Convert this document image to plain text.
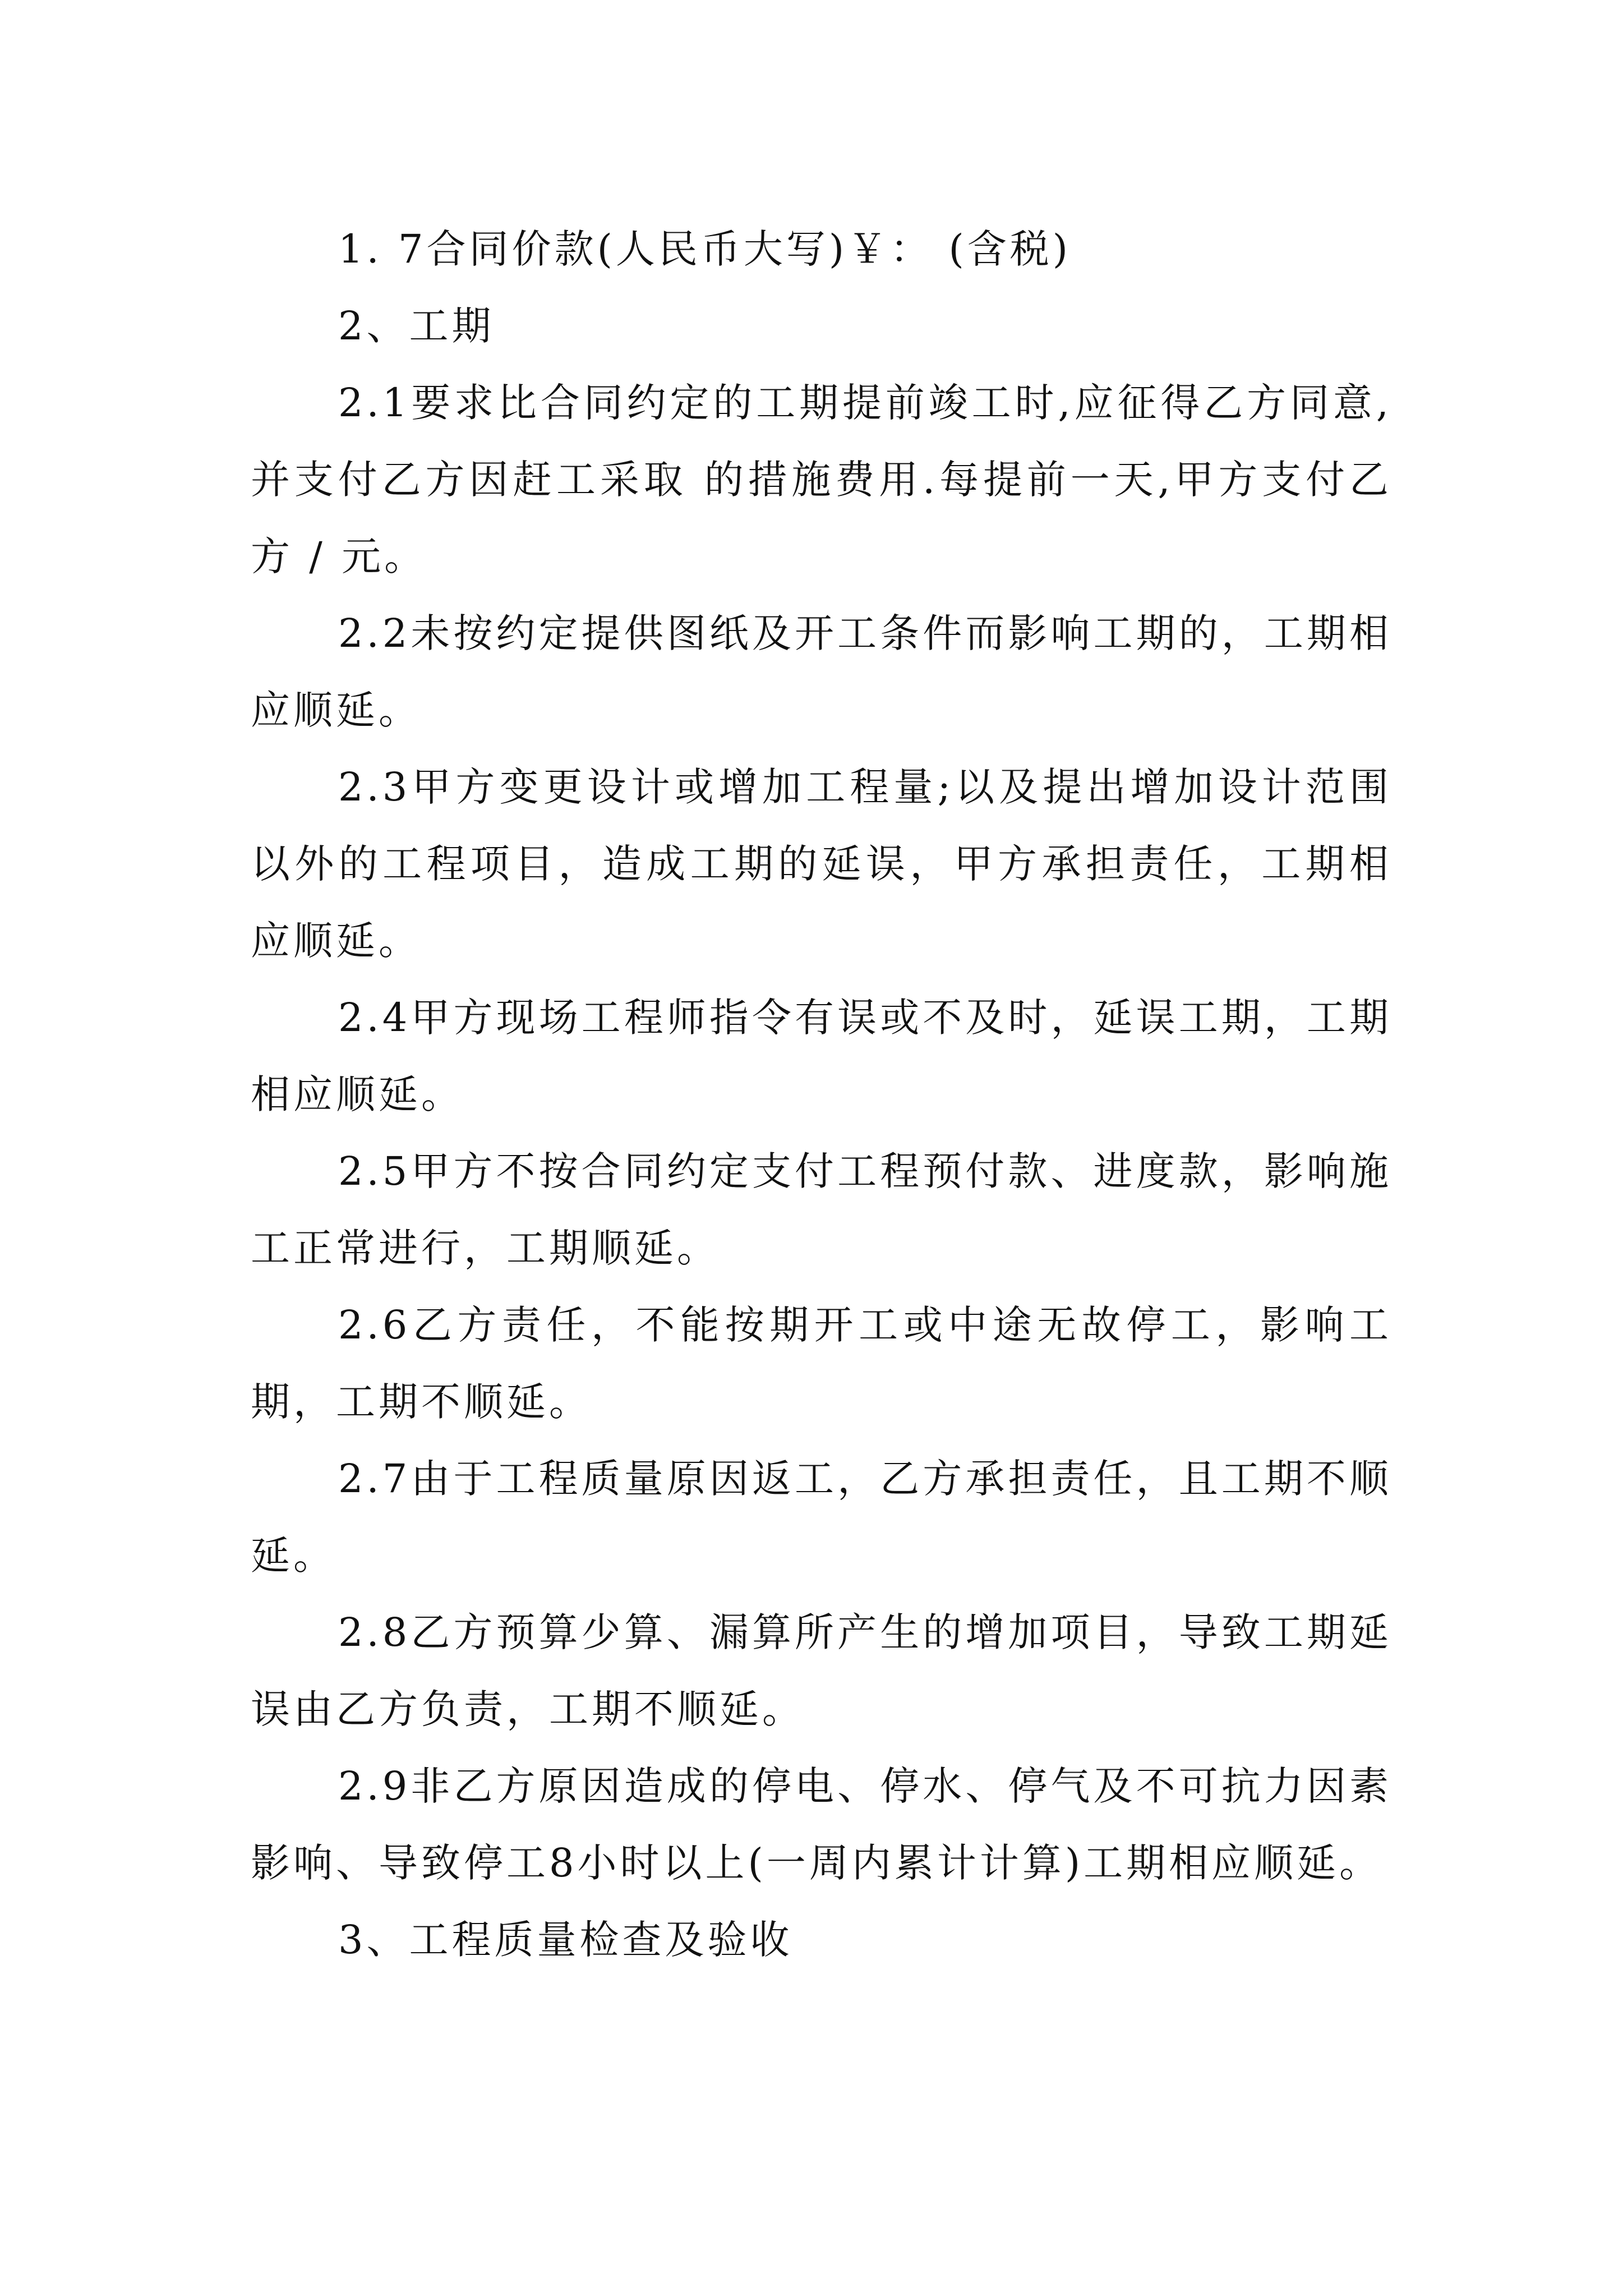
1. 7合同价款(人民币大写)￥： (含税)

2、工期

2.1要求比合同约定的工期提前竣工时,应征得乙方同意,并支付乙方因赶工采取 的措施费用.每提前一天,甲方支付乙方 / 元。

2.2未按约定提供图纸及开工条件而影响工期的，工期相应顺延。

2.3甲方变更设计或增加工程量;以及提出增加设计范围以外的工程项目，造成工期的延误，甲方承担责任，工期相应顺延。

2.4甲方现场工程师指令有误或不及时，延误工期，工期相应顺延。

2.5甲方不按合同约定支付工程预付款、进度款，影响施工正常进行，工期顺延。

2.6乙方责任，不能按期开工或中途无故停工，影响工期，工期不顺延。

2.7由于工程质量原因返工，乙方承担责任，且工期不顺延。

2.8乙方预算少算、漏算所产生的增加项目，导致工期延误由乙方负责，工期不顺延。

2.9非乙方原因造成的停电、停水、停气及不可抗力因素影响、导致停工8小时以上(一周内累计计算)工期相应顺延。

3、工程质量检查及验收
